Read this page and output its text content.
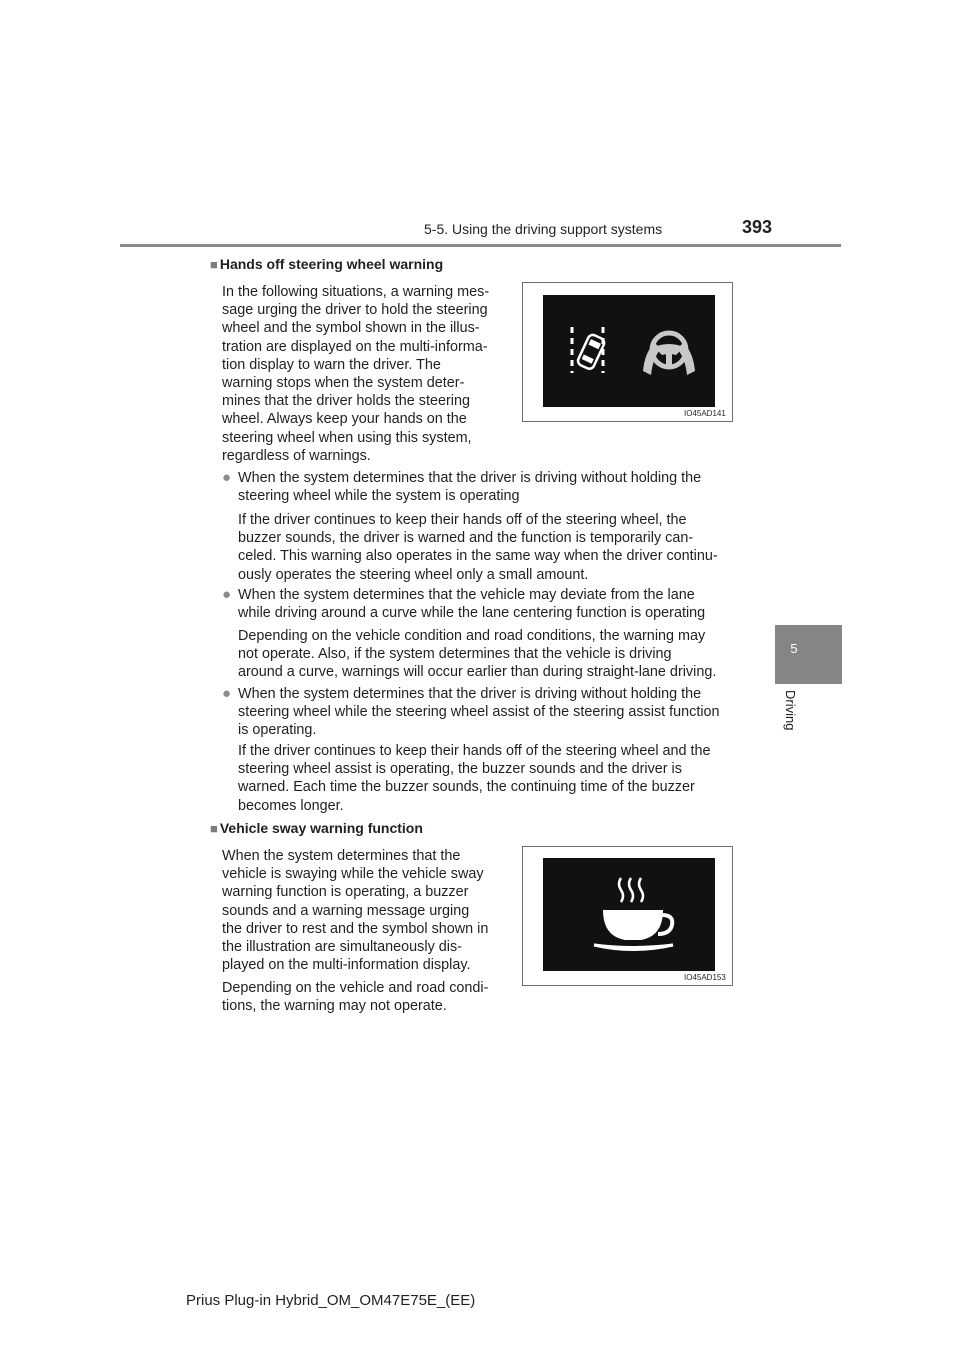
5-5. Using the driving support systems	393
5
Driving
■ Hands off steering wheel warning
In the following situations, a warning mes-
sage urging the driver to hold the steering
wheel and the symbol shown in the illus-
tration are displayed on the multi-informa-
tion display to warn the driver. The
warning stops when the system deter-
mines that the driver holds the steering
wheel. Always keep your hands on the
steering wheel when using this system,
regardless of warnings.
IO45AD141
● When the system determines that the driver is driving without holding the
steering wheel while the system is operating
If the driver continues to keep their hands off of the steering wheel, the
buzzer sounds, the driver is warned and the function is temporarily can-
celed. This warning also operates in the same way when the driver continu-
ously operates the steering wheel only a small amount.
● When the system determines that the vehicle may deviate from the lane
while driving around a curve while the lane centering function is operating
Depending on the vehicle condition and road conditions, the warning may
not operate. Also, if the system determines that the vehicle is driving
around a curve, warnings will occur earlier than during straight-lane driving.
● When the system determines that the driver is driving without holding the
steering wheel while the steering wheel assist of the steering assist function
is operating.
If the driver continues to keep their hands off of the steering wheel and the
steering wheel assist is operating, the buzzer sounds and the driver is
warned. Each time the buzzer sounds, the continuing time of the buzzer
becomes longer.
■ Vehicle sway warning function
When the system determines that the
vehicle is swaying while the vehicle sway
warning function is operating, a buzzer
sounds and a warning message urging
the driver to rest and the symbol shown in
the illustration are simultaneously dis-
played on the multi-information display.
Depending on the vehicle and road condi-
tions, the warning may not operate.
IO45AD153
Prius Plug-in Hybrid_OM_OM47E75E_(EE)
